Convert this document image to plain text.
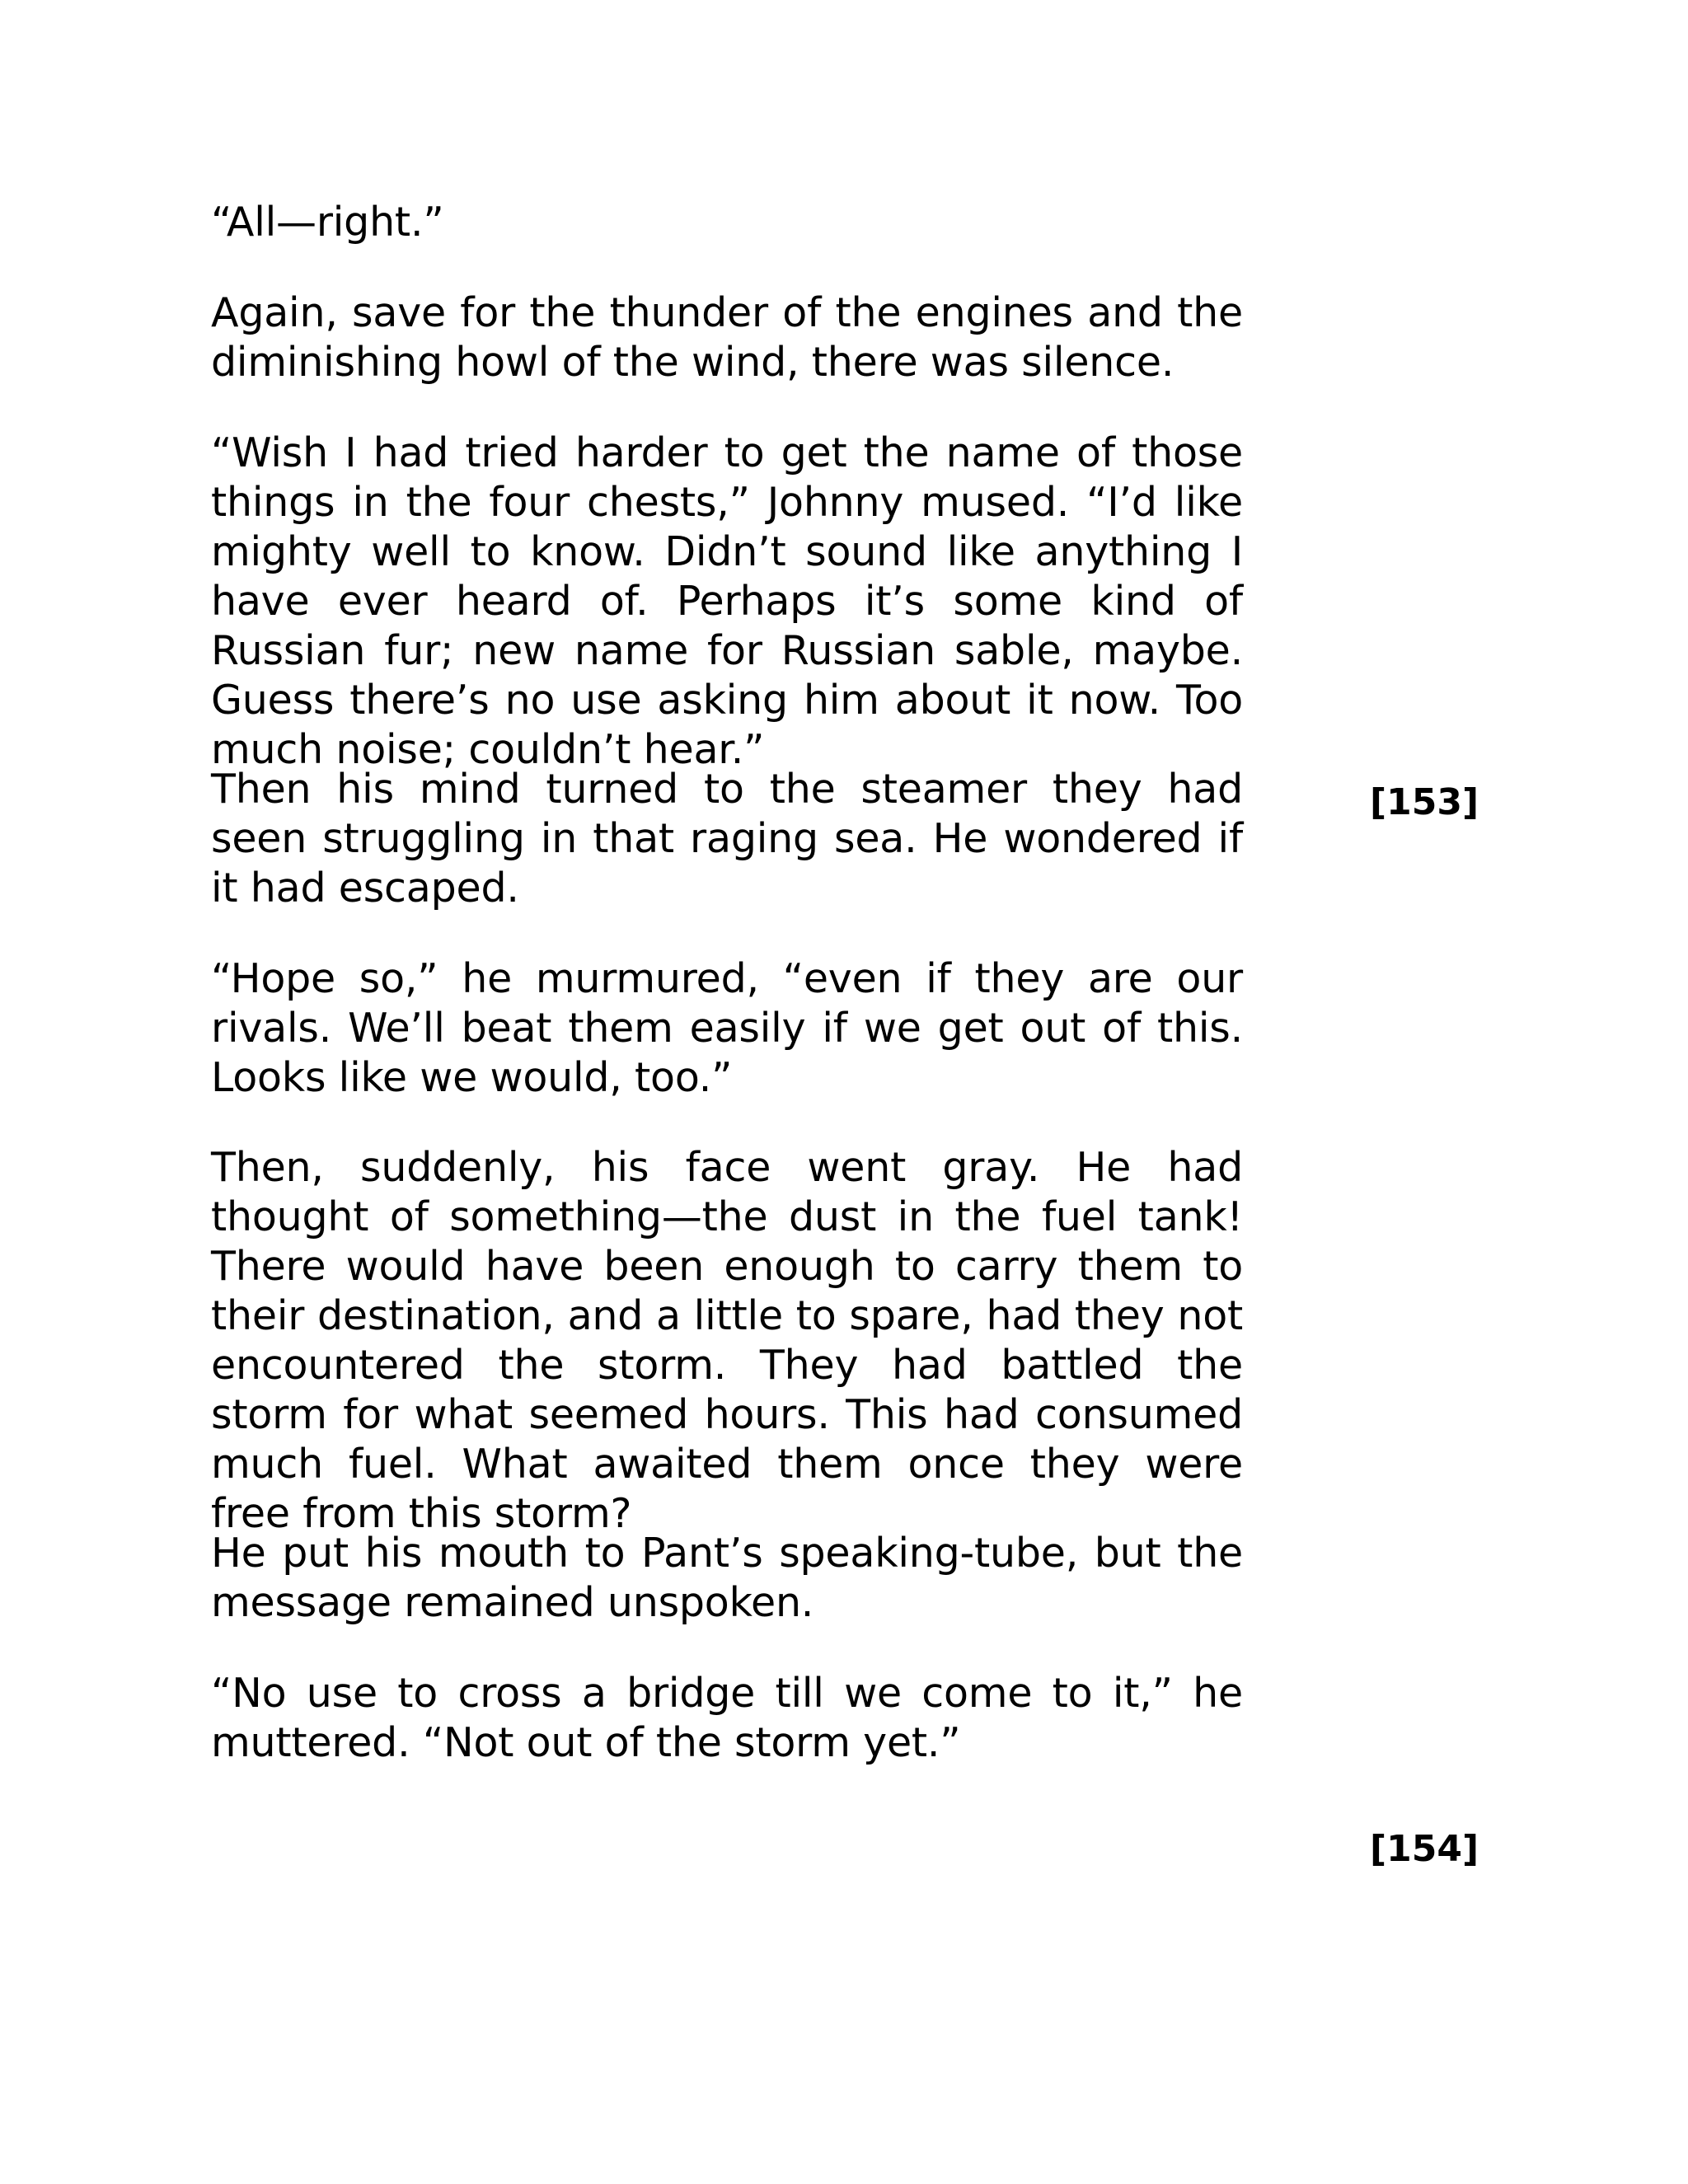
“All—right.”

Again, save for the thunder of the engines and the diminishing howl of the wind, there was silence.

“Wish I had tried harder to get the name of those things in the four chests,” Johnny mused. “I’d like mighty well to know. Didn’t sound like anything I have ever heard of. Perhaps it’s some kind of Russian fur; new name for Russian sable, maybe. Guess there’s no use asking him about it now. Too much noise; couldn’t hear.”

Then his mind turned to the steamer they had seen struggling in that raging sea. He wondered if it had escaped.

“Hope so,” he murmured, “even if they are our rivals. We’ll beat them easily if we get out of this. Looks like we would, too.”

Then, suddenly, his face went gray. He had thought of something—the dust in the fuel tank! There would have been enough to carry them to their destination, and a little to spare, had they not encountered the storm. They had battled the storm for what seemed hours. This had consumed much fuel. What awaited them once they were free from this storm?

He put his mouth to Pant’s speaking-tube, but the message remained unspoken.

“No use to cross a bridge till we come to it,” he muttered. “Not out of the storm yet.”

[153]
[154]
